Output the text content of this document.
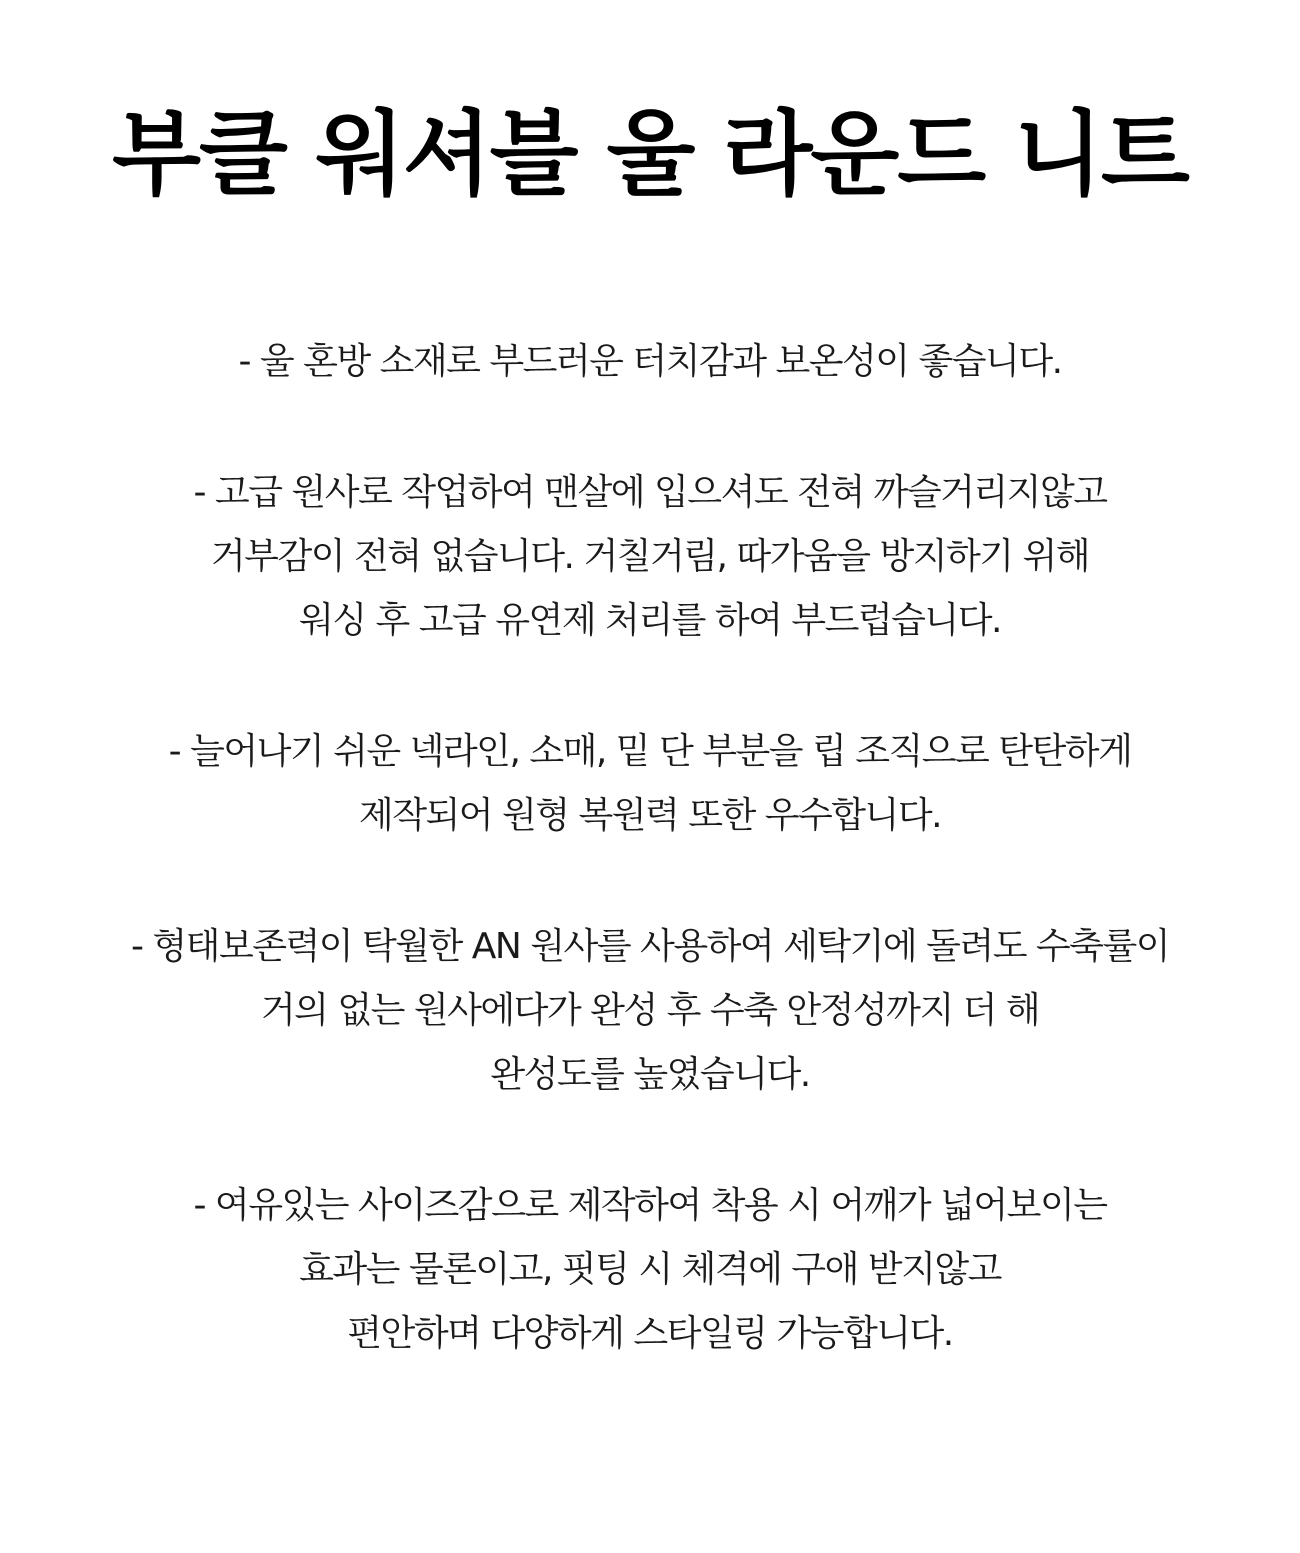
부클 워셔블 울 라운드 니트
- 울 혼방 소재로 부드러운 터치감과 보온성이 좋습니다.
- 고급 원사로 작업하여 맨살에 입으셔도 전혀 까슬거리지않고
거부감이 전혀 없습니다. 거칠거림, 따가움을 방지하기 위해
워싱 후 고급 유연제 처리를 하여 부드럽습니다.
- 늘어나기 쉬운 넥라인, 소매, 밑 단 부분을 립 조직으로 탄탄하게
제작되어 원형 복원력 또한 우수합니다.
- 형태보존력이 탁월한 AN 원사를 사용하여 세탁기에 돌려도 수축률이
거의 없는 원사에다가 완성 후 수축 안정성까지 더 해
완성도를 높였습니다.
- 여유있는 사이즈감으로 제작하여 착용 시 어깨가 넓어보이는
효과는 물론이고, 핏팅 시 체격에 구애 받지않고
편안하며 다양하게 스타일링 가능합니다.
